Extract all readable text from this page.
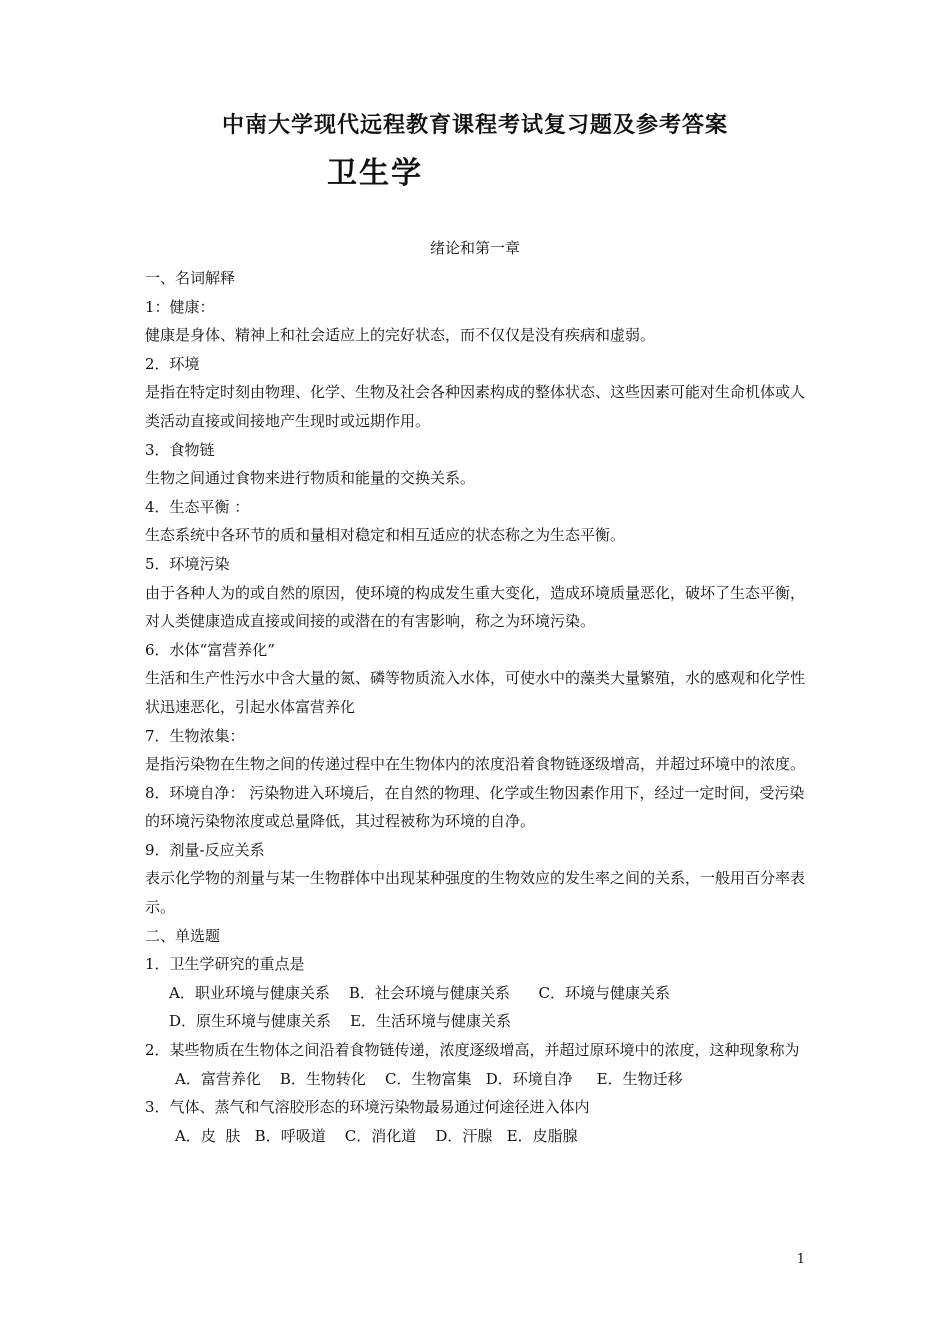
中南大学现代远程教育课程考试复习题及参考答案
卫生学
绪论和第一章
一、名词解释
1：健康：
健康是身体、精神上和社会适应上的完好状态，而不仅仅是没有疾病和虚弱。
2．环境
是指在特定时刻由物理、化学、生物及社会各种因素构成的整体状态、这些因素可能对生命机体或人类活动直接或间接地产生现时或远期作用。
3．食物链
生物之间通过食物来进行物质和能量的交换关系。
4．生态平衡 ：
生态系统中各环节的质和量相对稳定和相互适应的状态称之为生态平衡。
5．环境污染
由于各种人为的或自然的原因，使环境的构成发生重大变化，造成环境质量恶化，破坏了生态平衡，对人类健康造成直接或间接的或潜在的有害影响，称之为环境污染。
6．水体“富营养化”
生活和生产性污水中含大量的氮、磷等物质流入水体，可使水中的藻类大量繁殖，水的感观和化学性状迅速恶化，引起水体富营养化
7．生物浓集：
是指污染物在生物之间的传递过程中在生物体内的浓度沿着食物链逐级增高，并超过环境中的浓度。
8．环境自净： 污染物进入环境后，在自然的物理、化学或生物因素作用下，经过一定时间，受污染的环境污染物浓度或总量降低，其过程被称为环境的自净。
9．剂量-反应关系
表示化学物的剂量与某一生物群体中出现某种强度的生物效应的发生率之间的关系，一般用百分率表示。
二、单选题
1．卫生学研究的重点是
A．职业环境与健康关系    B．社会环境与健康关系      C．环境与健康关系
D．原生环境与健康关系    E．生活环境与健康关系
2．某些物质在生物体之间沿着食物链传递，浓度逐级增高，并超过原环境中的浓度，这种现象称为
A．富营养化    B．生物转化    C．生物富集   D．环境自净     E．生物迁移
3．气体、蒸气和气溶胶形态的环境污染物最易通过何途径进入体内
A．皮  肤   B．呼吸道    C．消化道    D．汗腺   E．皮脂腺
1
